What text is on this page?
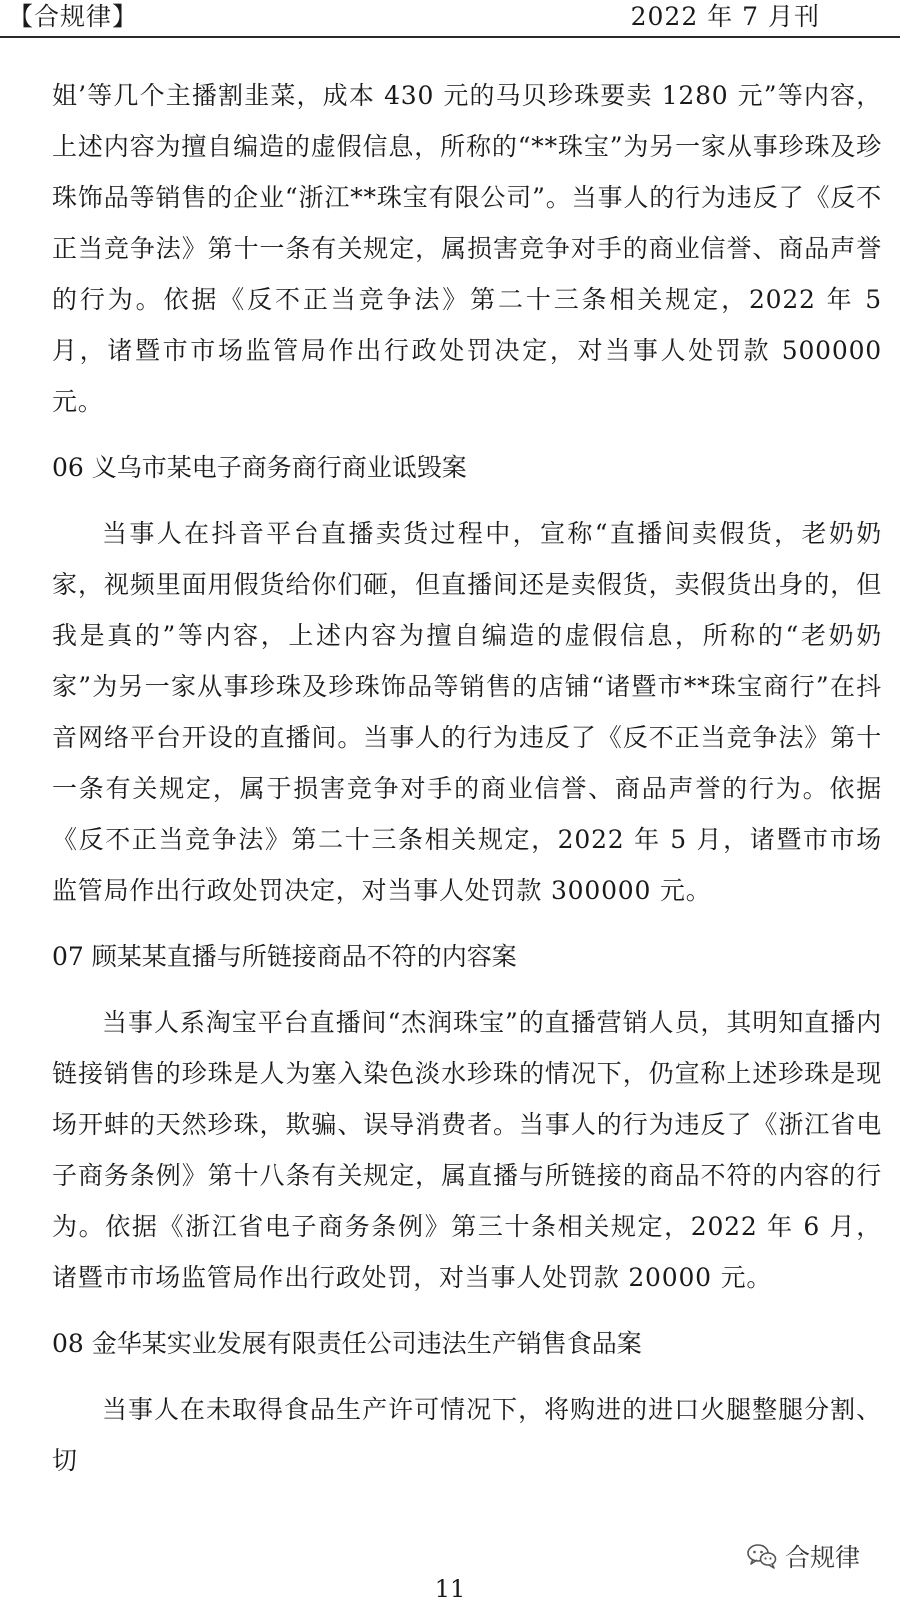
【合规律】	2022 年 7 月刊

姐’等几个主播割韭菜，成本 430 元的马贝珍珠要卖 1280 元”等内容，上述内容为擅自编造的虚假信息，所称的“**珠宝”为另一家从事珍珠及珍珠饰品等销售的企业“浙江**珠宝有限公司”。当事人的行为违反了《反不正当竞争法》第十一条有关规定，属损害竞争对手的商业信誉、商品声誉的行为。依据《反不正当竞争法》第二十三条相关规定，2022 年 5 月，诸暨市市场监管局作出行政处罚决定，对当事人处罚款 500000 元。

06 义乌市某电子商务商行商业诋毁案

当事人在抖音平台直播卖货过程中，宣称“直播间卖假货，老奶奶家，视频里面用假货给你们砸，但直播间还是卖假货，卖假货出身的，但我是真的”等内容，上述内容为擅自编造的虚假信息，所称的“老奶奶家”为另一家从事珍珠及珍珠饰品等销售的店铺“诸暨市**珠宝商行”在抖音网络平台开设的直播间。当事人的行为违反了《反不正当竞争法》第十一条有关规定，属于损害竞争对手的商业信誉、商品声誉的行为。依据《反不正当竞争法》第二十三条相关规定，2022 年 5 月，诸暨市市场监管局作出行政处罚决定，对当事人处罚款 300000 元。

07 顾某某直播与所链接商品不符的内容案

当事人系淘宝平台直播间“杰润珠宝”的直播营销人员，其明知直播内链接销售的珍珠是人为塞入染色淡水珍珠的情况下，仍宣称上述珍珠是现场开蚌的天然珍珠，欺骗、误导消费者。当事人的行为违反了《浙江省电子商务条例》第十八条有关规定，属直播与所链接的商品不符的内容的行为。依据《浙江省电子商务条例》第三十条相关规定，2022 年 6 月，诸暨市市场监管局作出行政处罚，对当事人处罚款 20000 元。

08 金华某实业发展有限责任公司违法生产销售食品案

当事人在未取得食品生产许可情况下，将购进的进口火腿整腿分割、切

合规律
11
